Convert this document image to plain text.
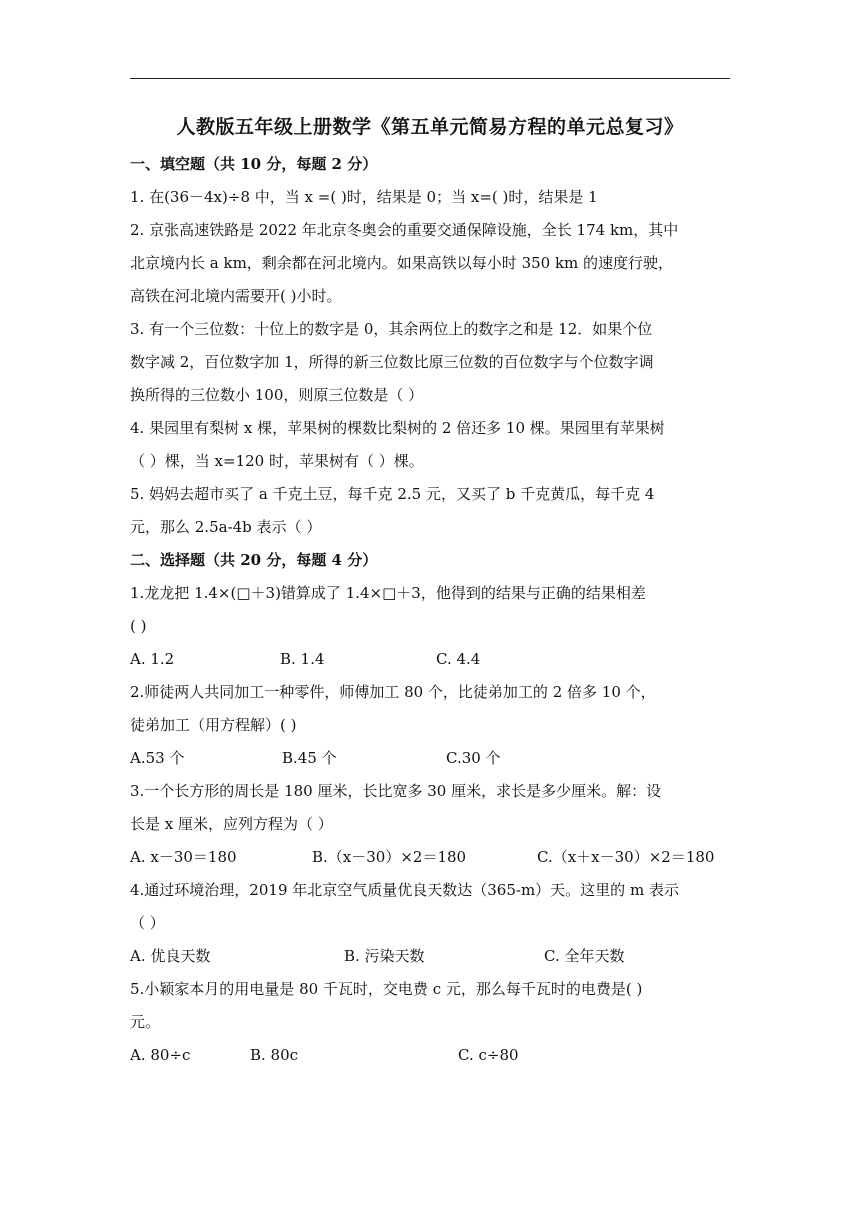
人教版五年级上册数学《第五单元简易方程的单元总复习》
一、填空题（共 10 分，每题 2 分）
1. 在(36－4x)÷8 中，当 x =( )时，结果是 0；当 x=( )时，结果是 1
2. 京张高速铁路是 2022 年北京冬奥会的重要交通保障设施，全长 174 km，其中
北京境内长 a km，剩余都在河北境内。如果高铁以每小时 350 km 的速度行驶，
高铁在河北境内需要开( )小时。
3. 有一个三位数：十位上的数字是 0，其余两位上的数字之和是 12．如果个位
数字减 2，百位数字加 1，所得的新三位数比原三位数的百位数字与个位数字调
换所得的三位数小 100，则原三位数是（ ）
4. 果园里有梨树 x 棵，苹果树的棵数比梨树的 2 倍还多 10 棵。果园里有苹果树
（ ）棵，当 x=120 时，苹果树有（ ）棵。
5. 妈妈去超市买了 a 千克土豆，每千克 2.5 元，又买了 b 千克黄瓜，每千克 4
元，那么 2.5a-4b 表示（ ）
二、选择题（共 20 分，每题 4 分）
1.龙龙把 1.4×(□＋3)错算成了 1.4×□＋3，他得到的结果与正确的结果相差
( )
A. 1.2	B. 1.4	C. 4.4
2.师徒两人共同加工一种零件，师傅加工 80 个，比徒弟加工的 2 倍多 10 个，
徒弟加工（用方程解）( )
A.53 个	B.45 个	C.30 个
3.一个长方形的周长是 180 厘米，长比宽多 30 厘米，求长是多少厘米。解：设
长是 x 厘米，应列方程为（ ）
A. x－30＝180	B.（x－30）×2＝180	C.（x＋x－30）×2＝180
4.通过环境治理，2019 年北京空气质量优良天数达（365-m）天。这里的 m 表示
（ ）
A. 优良天数	B. 污染天数	C. 全年天数
5.小颖家本月的用电量是 80 千瓦时，交电费 c 元，那么每千瓦时的电费是( )
元。
A. 80÷c	B. 80c	C. c÷80
